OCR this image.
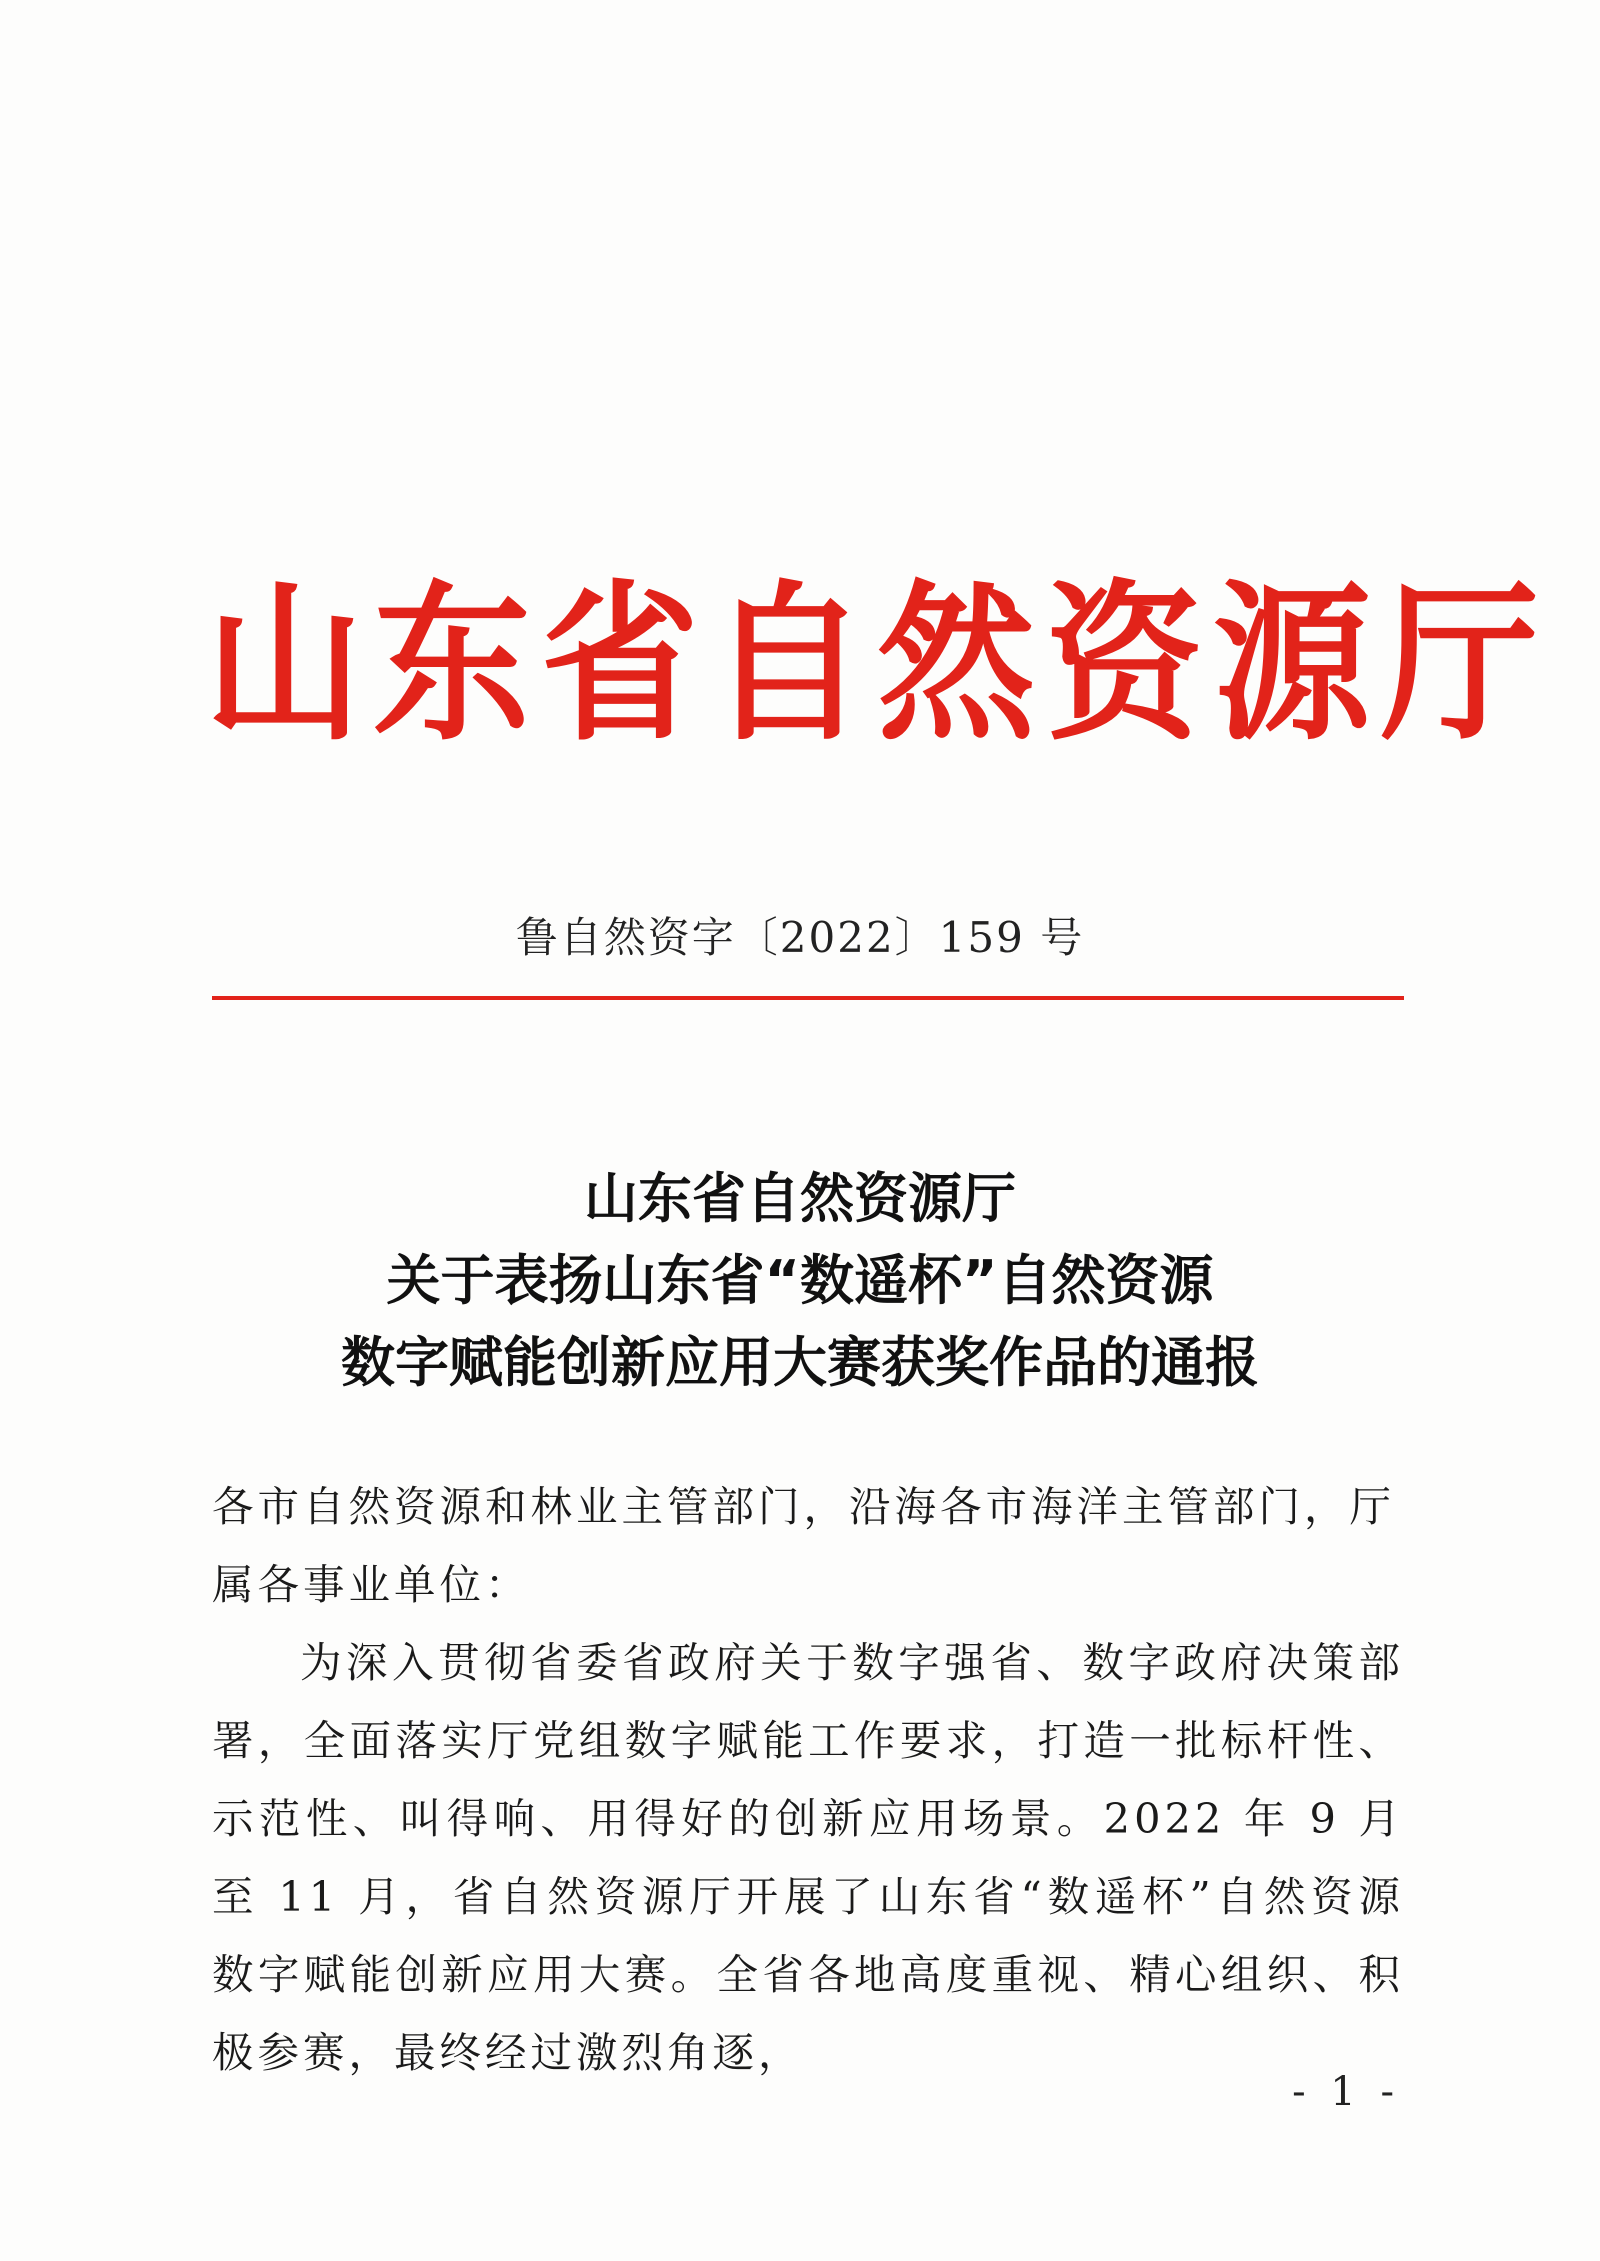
山东省自然资源厅
鲁自然资字〔2022〕159 号
山东省自然资源厅
关于表扬山东省“数遥杯”自然资源
数字赋能创新应用大赛获奖作品的通报

各市自然资源和林业主管部门，沿海各市海洋主管部门，厅属各事业单位：

为深入贯彻省委省政府关于数字强省、数字政府决策部署，全面落实厅党组数字赋能工作要求，打造一批标杆性、示范性、叫得响、用得好的创新应用场景。2022 年 9 月至 11 月，省自然资源厅开展了山东省“数遥杯”自然资源数字赋能创新应用大赛。全省各地高度重视、精心组织、积极参赛，最终经过激烈角逐，

- 1 -
